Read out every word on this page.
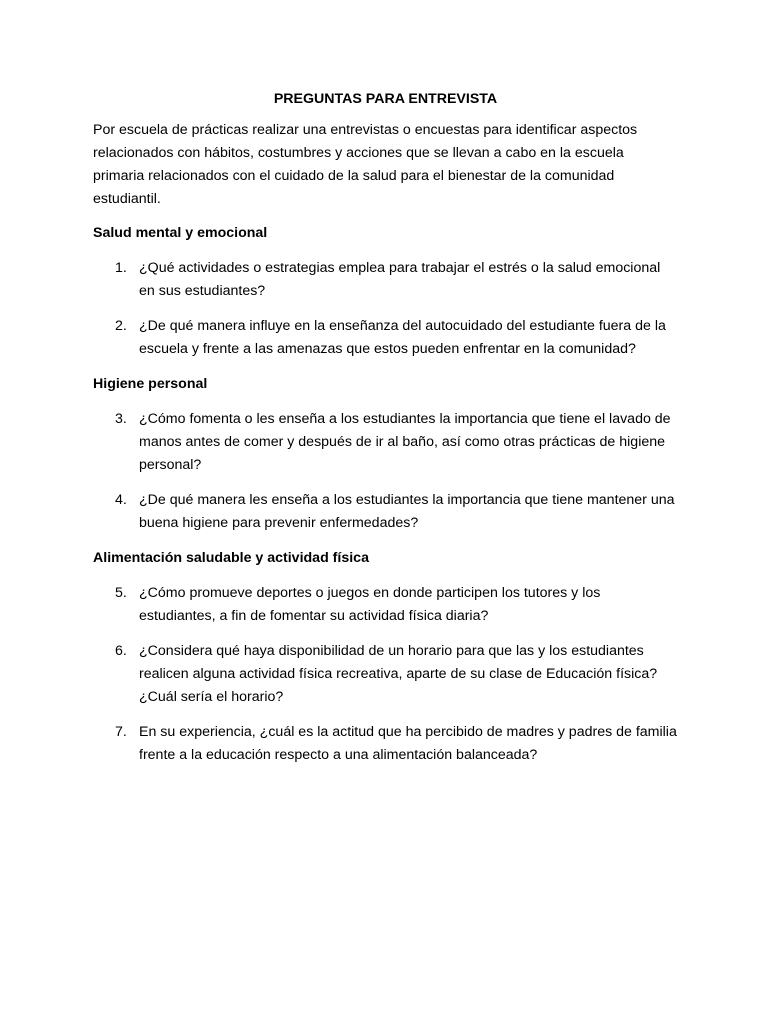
PREGUNTAS PARA ENTREVISTA
Por escuela de prácticas realizar una entrevistas o encuestas para identificar aspectos relacionados con hábitos, costumbres y acciones que se llevan a cabo en la escuela primaria relacionados con el cuidado de la salud para el bienestar de la comunidad estudiantil.
Salud mental y emocional
1. ¿Qué actividades o estrategias emplea para trabajar el estrés o la salud emocional en sus estudiantes?
2. ¿De qué manera influye en la enseñanza del autocuidado del estudiante fuera de la escuela y frente a las amenazas que estos pueden enfrentar en la comunidad?
Higiene personal
3. ¿Cómo fomenta o les enseña a los estudiantes la importancia que tiene el lavado de manos antes de comer y después de ir al baño, así como otras prácticas de higiene personal?
4. ¿De qué manera les enseña a los estudiantes la importancia que tiene mantener una buena higiene para prevenir enfermedades?
Alimentación saludable y actividad física
5. ¿Cómo promueve deportes o juegos en donde participen los tutores y los estudiantes, a fin de fomentar su actividad física diaria?
6. ¿Considera qué haya disponibilidad de un horario para que las y los estudiantes realicen alguna actividad física recreativa, aparte de su clase de Educación física? ¿Cuál sería el horario?
7. En su experiencia, ¿cuál es la actitud que ha percibido de madres y padres de familia frente a la educación respecto a una alimentación balanceada?
